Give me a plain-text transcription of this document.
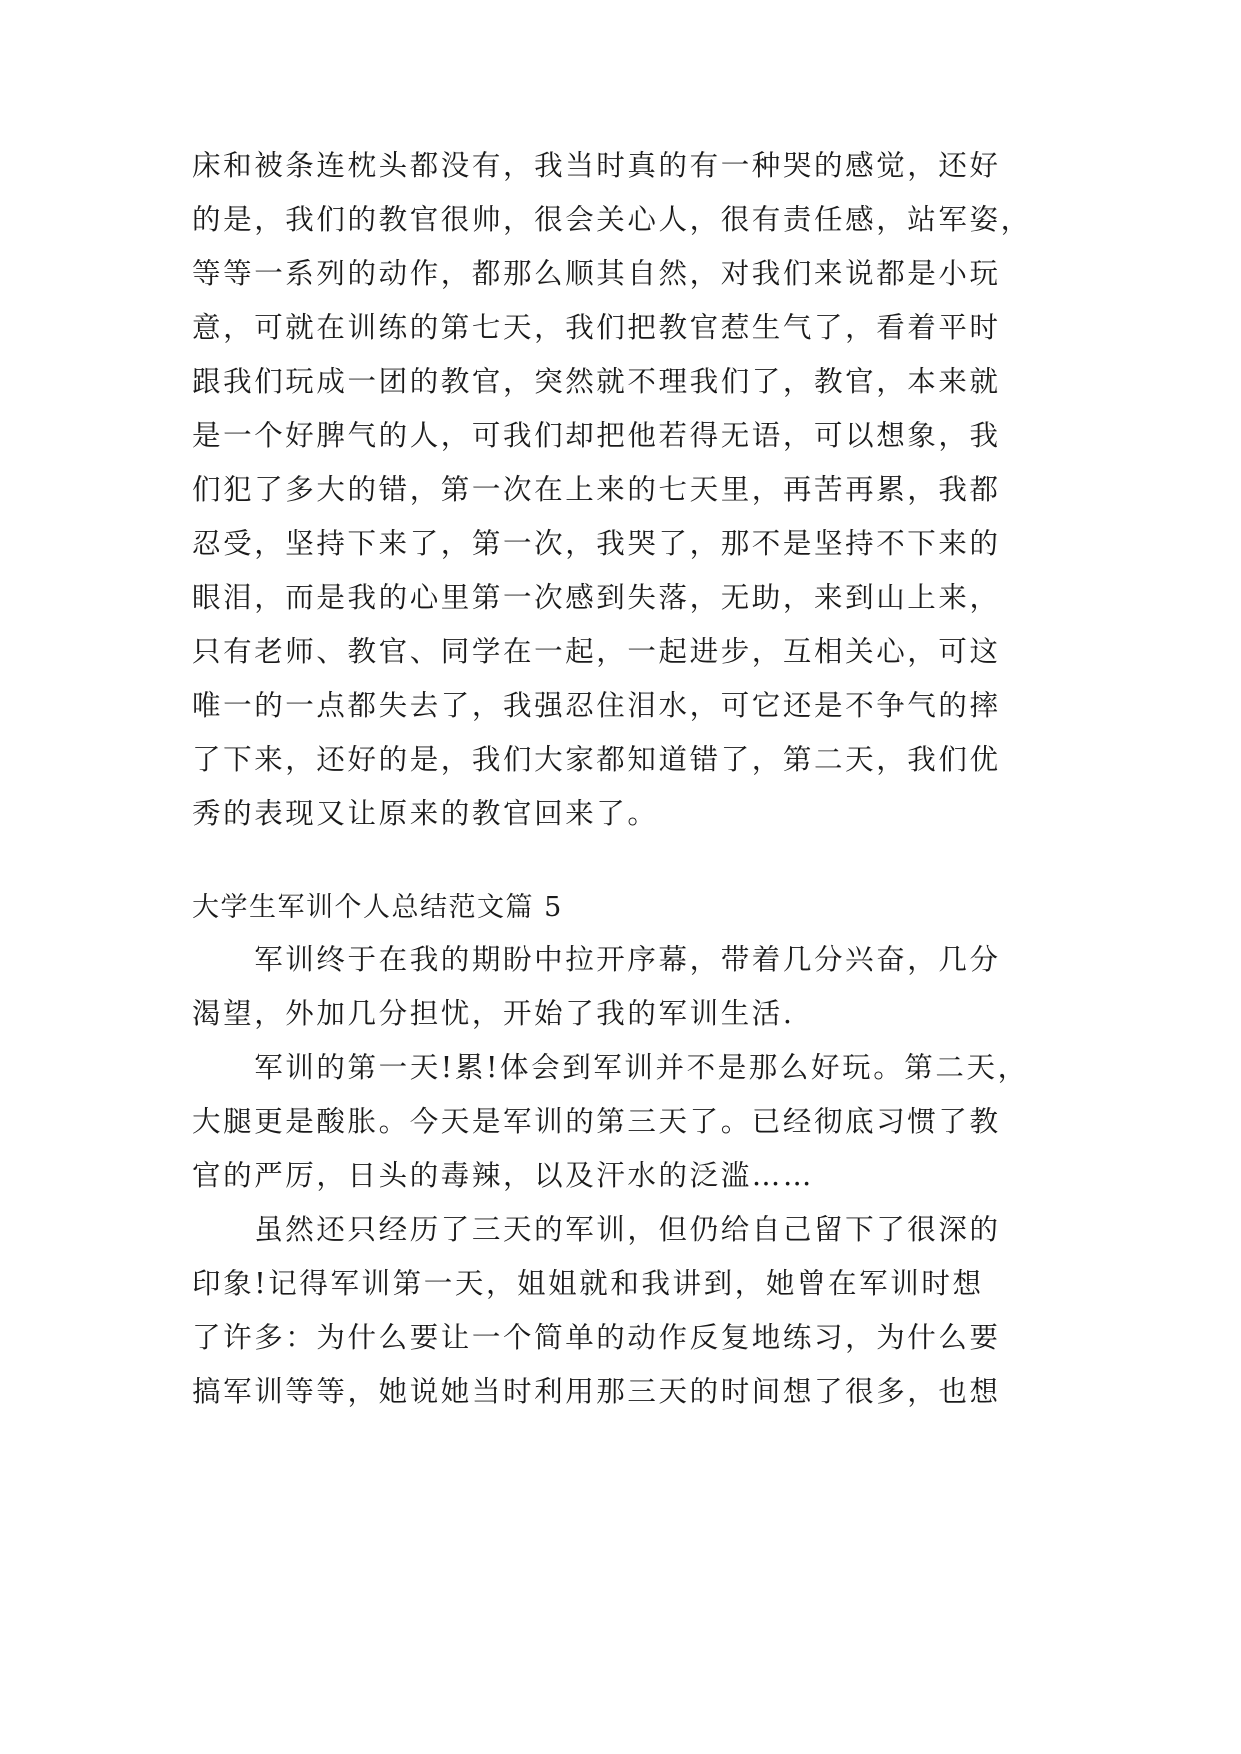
床和被条连枕头都没有，我当时真的有一种哭的感觉，还好
的是，我们的教官很帅，很会关心人，很有责任感，站军姿，
等等一系列的动作，都那么顺其自然，对我们来说都是小玩
意，可就在训练的第七天，我们把教官惹生气了，看着平时
跟我们玩成一团的教官，突然就不理我们了，教官，本来就
是一个好脾气的人，可我们却把他若得无语，可以想象，我
们犯了多大的错，第一次在上来的七天里，再苦再累，我都
忍受，坚持下来了，第一次，我哭了，那不是坚持不下来的
眼泪，而是我的心里第一次感到失落，无助，来到山上来，
只有老师、教官、同学在一起，一起进步，互相关心，可这
唯一的一点都失去了，我强忍住泪水，可它还是不争气的摔
了下来，还好的是，我们大家都知道错了，第二天，我们优
秀的表现又让原来的教官回来了。
大学生军训个人总结范文篇 5
　　军训终于在我的期盼中拉开序幕，带着几分兴奋，几分
渴望，外加几分担忧，开始了我的军训生活.
　　军训的第一天!累!体会到军训并不是那么好玩。第二天，
大腿更是酸胀。今天是军训的第三天了。已经彻底习惯了教
官的严厉，日头的毒辣，以及汗水的泛滥……
　　虽然还只经历了三天的军训，但仍给自己留下了很深的
印象!记得军训第一天，姐姐就和我讲到，她曾在军训时想
了许多：为什么要让一个简单的动作反复地练习，为什么要
搞军训等等，她说她当时利用那三天的时间想了很多，也想
